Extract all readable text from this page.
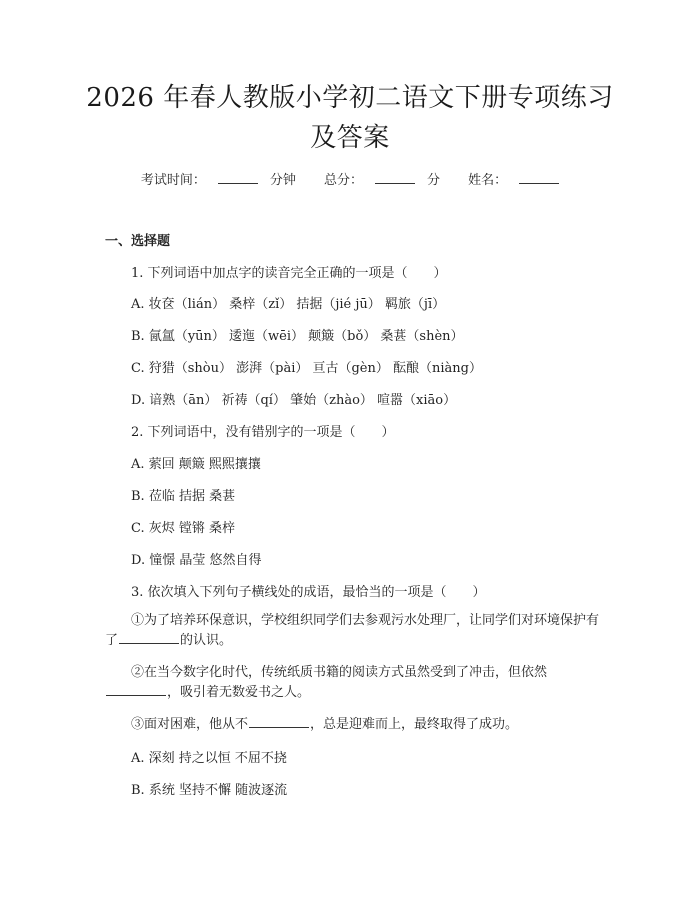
2026 年春人教版小学初二语文下册专项练习
及答案
考试时间：	分钟 总分：	分 姓名：
一、选择题
1. 下列词语中加点字的读音完全正确的一项是（　　）
A. 妆奁（lián） 桑梓（zǐ） 拮据（jié jū） 羁旅（jī）
B. 氤氲（yūn） 逶迤（wēi） 颠簸（bǒ） 桑葚（shèn）
C. 狩猎（shòu） 澎湃（pài） 亘古（gèn） 酝酿（niàng）
D. 谙熟（ān） 祈祷（qí） 肇始（zhào） 喧嚣（xiāo）
2. 下列词语中，没有错别字的一项是（　　）
A. 萦回 颠簸 熙熙攘攘
B. 莅临 拮据 桑葚
C. 灰烬 镗锵 桑梓
D. 憧憬 晶莹 悠然自得
3. 依次填入下列句子横线处的成语，最恰当的一项是（　　）
①为了培养环保意识，学校组织同学们去参观污水处理厂，让同学们对环境保护有了	的认识。
②在当今数字化时代，传统纸质书籍的阅读方式虽然受到了冲击，但依然，吸引着无数爱书之人。
③面对困难，他从不	，总是迎难而上，最终取得了成功。
A. 深刻 持之以恒 不屈不挠
B. 系统 坚持不懈 随波逐流
